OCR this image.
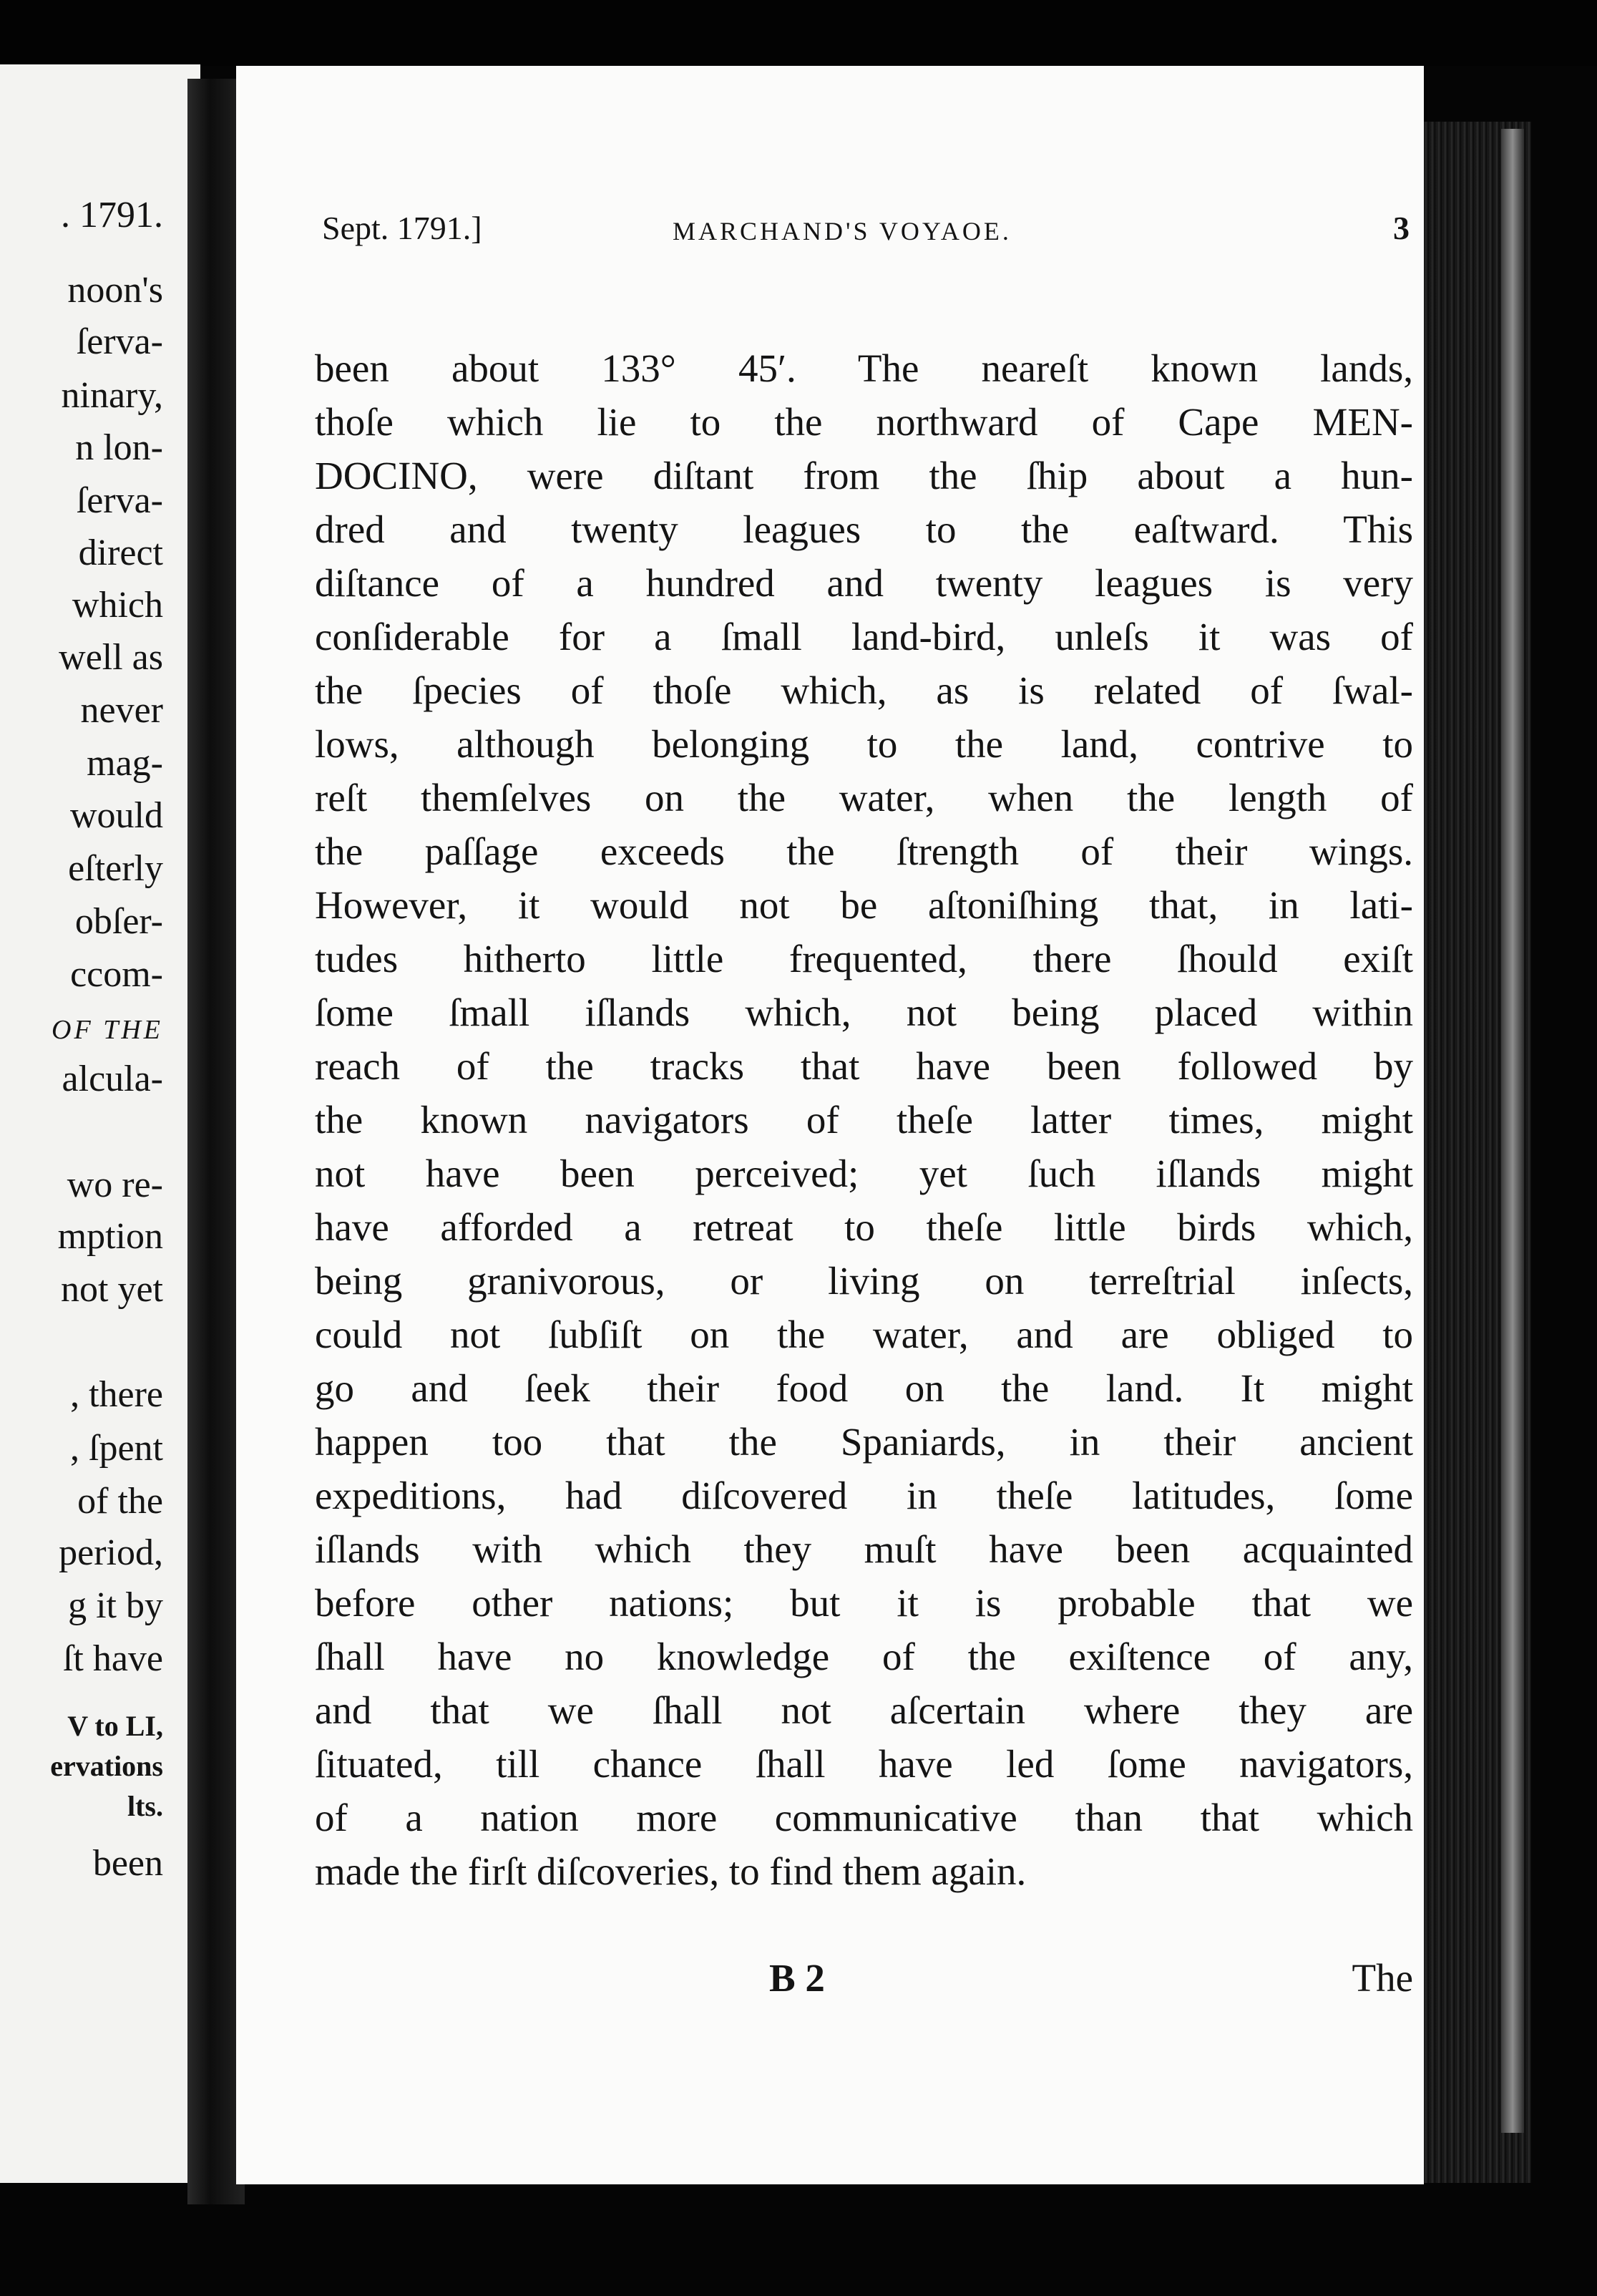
. 1791.
noon's
ſerva-
ninary,
n lon-
ſerva-
direct
which
well as
never
mag-
would
eſterly
obſer-
ccom-
OF THE
alcula-
wo re-
mption
not yet
, there
, ſpent
of the
period,
g it by
ſt have
V to LI,
ervations
lts.
been
Sept. 1791.]	MARCHAND'S VOYAOE.	3
been about 133° 45′. The neareſt known lands,
thoſe which lie to the northward of Cape MEN-
DOCINO, were diſtant from the ſhip about a hun-
dred and twenty leagues to the eaſtward. This
diſtance of a hundred and twenty leagues is very
conſiderable for a ſmall land-bird, unleſs it was of
the ſpecies of thoſe which, as is related of ſwal-
lows, although belonging to the land, contrive to
reſt themſelves on the water, when the length of
the paſſage exceeds the ſtrength of their wings.
However, it would not be aſtoniſhing that, in lati-
tudes hitherto little frequented, there ſhould exiſt
ſome ſmall iſlands which, not being placed within
reach of the tracks that have been followed by
the known navigators of theſe latter times, might
not have been perceived; yet ſuch iſlands might
have afforded a retreat to theſe little birds which,
being granivorous, or living on terreſtrial inſects,
could not ſubſiſt on the water, and are obliged to
go and ſeek their food on the land. It might
happen too that the Spaniards, in their ancient
expeditions, had diſcovered in theſe latitudes, ſome
iſlands with which they muſt have been acquainted
before other nations; but it is probable that we
ſhall have no knowledge of the exiſtence of any,
and that we ſhall not aſcertain where they are
ſituated, till chance ſhall have led ſome navigators,
of a nation more communicative than that which
made the firſt diſcoveries, to find them again.
B 2	The
